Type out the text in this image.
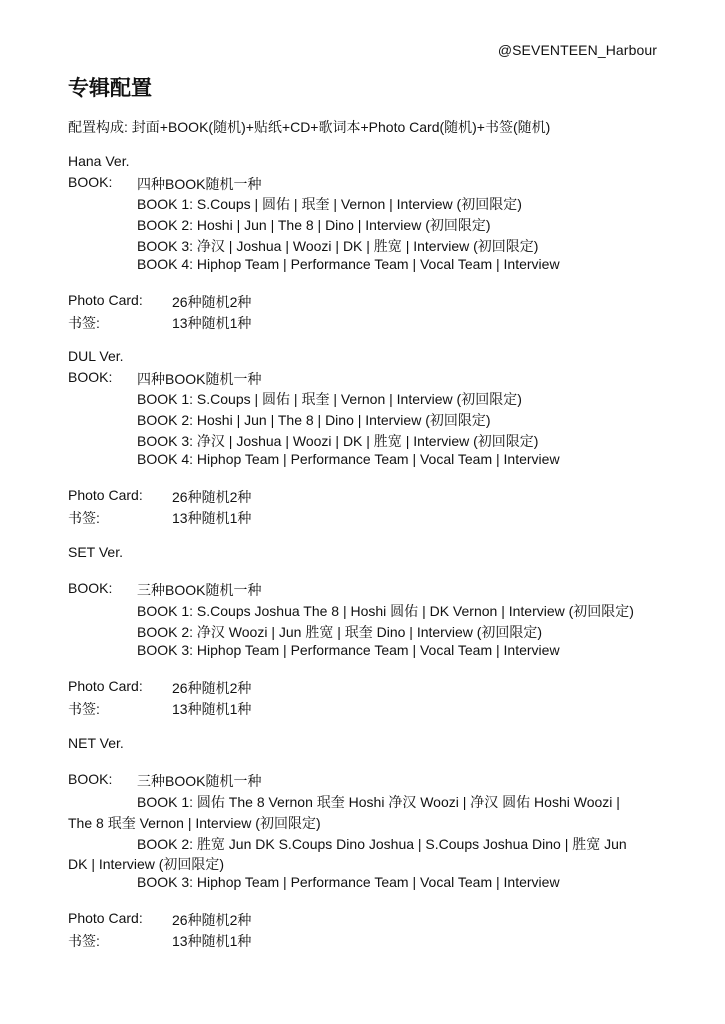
@SEVENTEEN_Harbour
专辑配置
配置构成: 封面+BOOK(随机)+贴纸+CD+歌词本+Photo Card(随机)+书签(随机)
Hana Ver.
BOOK: 四种BOOK随机一种
BOOK 1: S.Coups | 圆佑 | 珉奎 | Vernon | Interview (初回限定)
BOOK 2: Hoshi | Jun | The 8 | Dino | Interview (初回限定)
BOOK 3: 净汉 | Joshua | Woozi | DK | 胜宽 | Interview (初回限定)
BOOK 4: Hiphop Team | Performance Team | Vocal Team | Interview
Photo Card: 26种随机2种
书签:	13种随机1种
DUL Ver.
BOOK: 四种BOOK随机一种
BOOK 1: S.Coups | 圆佑 | 珉奎 | Vernon | Interview (初回限定)
BOOK 2: Hoshi | Jun | The 8 | Dino | Interview (初回限定)
BOOK 3: 净汉 | Joshua | Woozi | DK | 胜宽 | Interview (初回限定)
BOOK 4: Hiphop Team | Performance Team | Vocal Team | Interview
Photo Card: 26种随机2种
书签:	13种随机1种
SET Ver.
BOOK: 三种BOOK随机一种
BOOK 1: S.Coups Joshua The 8 | Hoshi 圆佑 | DK Vernon | Interview (初回限定)
BOOK 2: 净汉 Woozi | Jun 胜宽 | 珉奎 Dino | Interview (初回限定)
BOOK 3: Hiphop Team | Performance Team | Vocal Team | Interview
Photo Card: 26种随机2种
书签:	13种随机1种
NET Ver.
BOOK: 三种BOOK随机一种
BOOK 1: 圆佑 The 8 Vernon 珉奎 Hoshi 净汉 Woozi | 净汉 圆佑 Hoshi Woozi |
The 8 珉奎 Vernon | Interview (初回限定)
BOOK 2: 胜宽 Jun DK S.Coups Dino Joshua | S.Coups Joshua Dino | 胜宽 Jun
DK | Interview (初回限定)
BOOK 3: Hiphop Team | Performance Team | Vocal Team | Interview
Photo Card: 26种随机2种
书签:	13种随机1种
